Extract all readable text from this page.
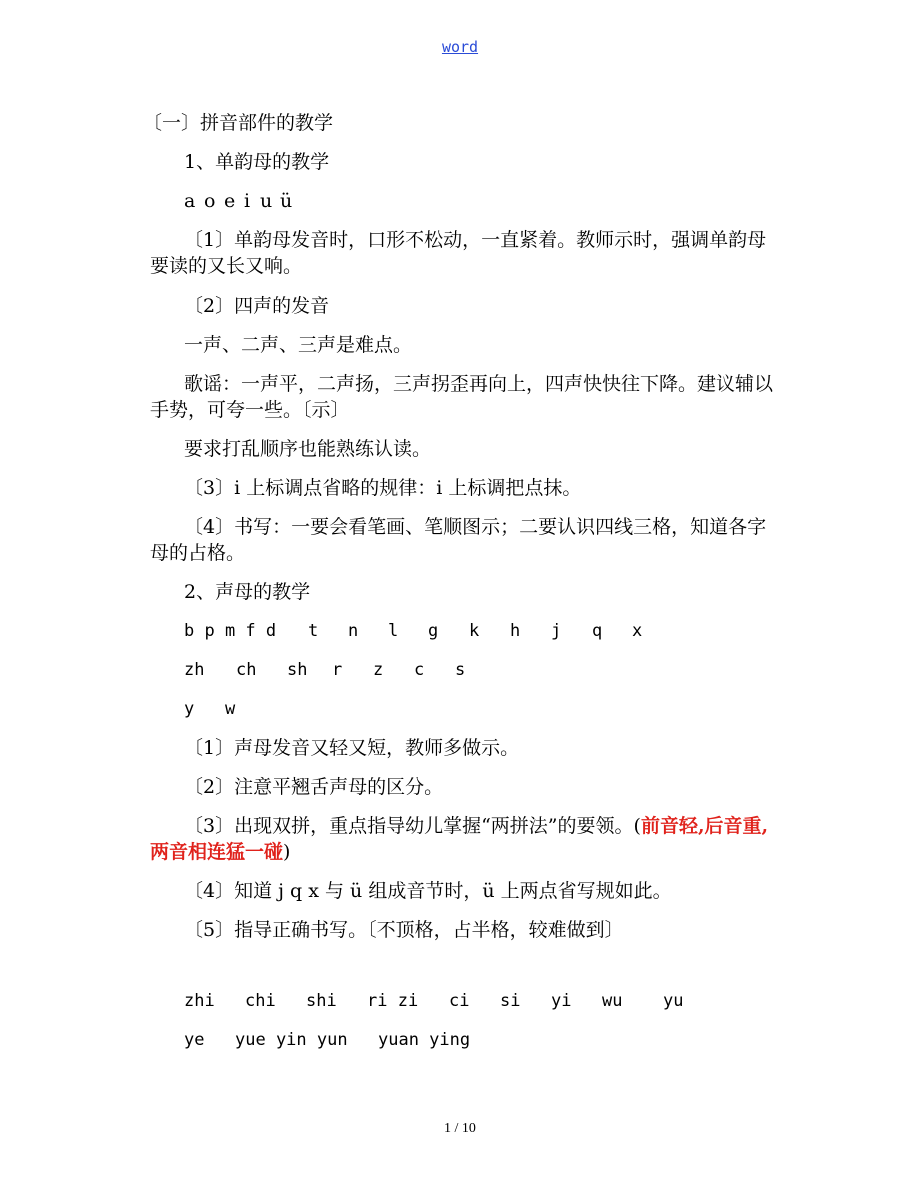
word
〔一〕拼音部件的教学
1、单韵母的教学
a o e i u ü
〔1〕单韵母发音时，口形不松动，一直紧着。教师示时，强调单韵母要读的又长又响。
〔2〕四声的发音
一声、二声、三声是难点。
歌谣：一声平，二声扬，三声拐歪再向上，四声快快往下降。建议辅以手势，可夸一些。〔示〕
要求打乱顺序也能熟练认读。
〔3〕i 上标调点省略的规律：i 上标调把点抹。
〔4〕书写：一要会看笔画、笔顺图示；二要认识四线三格，知道各字母的占格。
2、声母的教学
b p m f d t n l g k h j q x
zh ch sh r z c s
y w
〔1〕声母发音又轻又短，教师多做示。
〔2〕注意平翘舌声母的区分。
〔3〕出现双拼，重点指导幼儿掌握“两拼法”的要领。(前音轻,后音重,两音相连猛一碰)
〔4〕知道 j q x 与 ü 组成音节时，ü 上两点省写规如此。
〔5〕指导正确书写。〔不顶格，占半格，较难做到〕
zhi chi shi ri zi ci si yi wu yu
ye yue yin yun yuan ying
1 / 10
